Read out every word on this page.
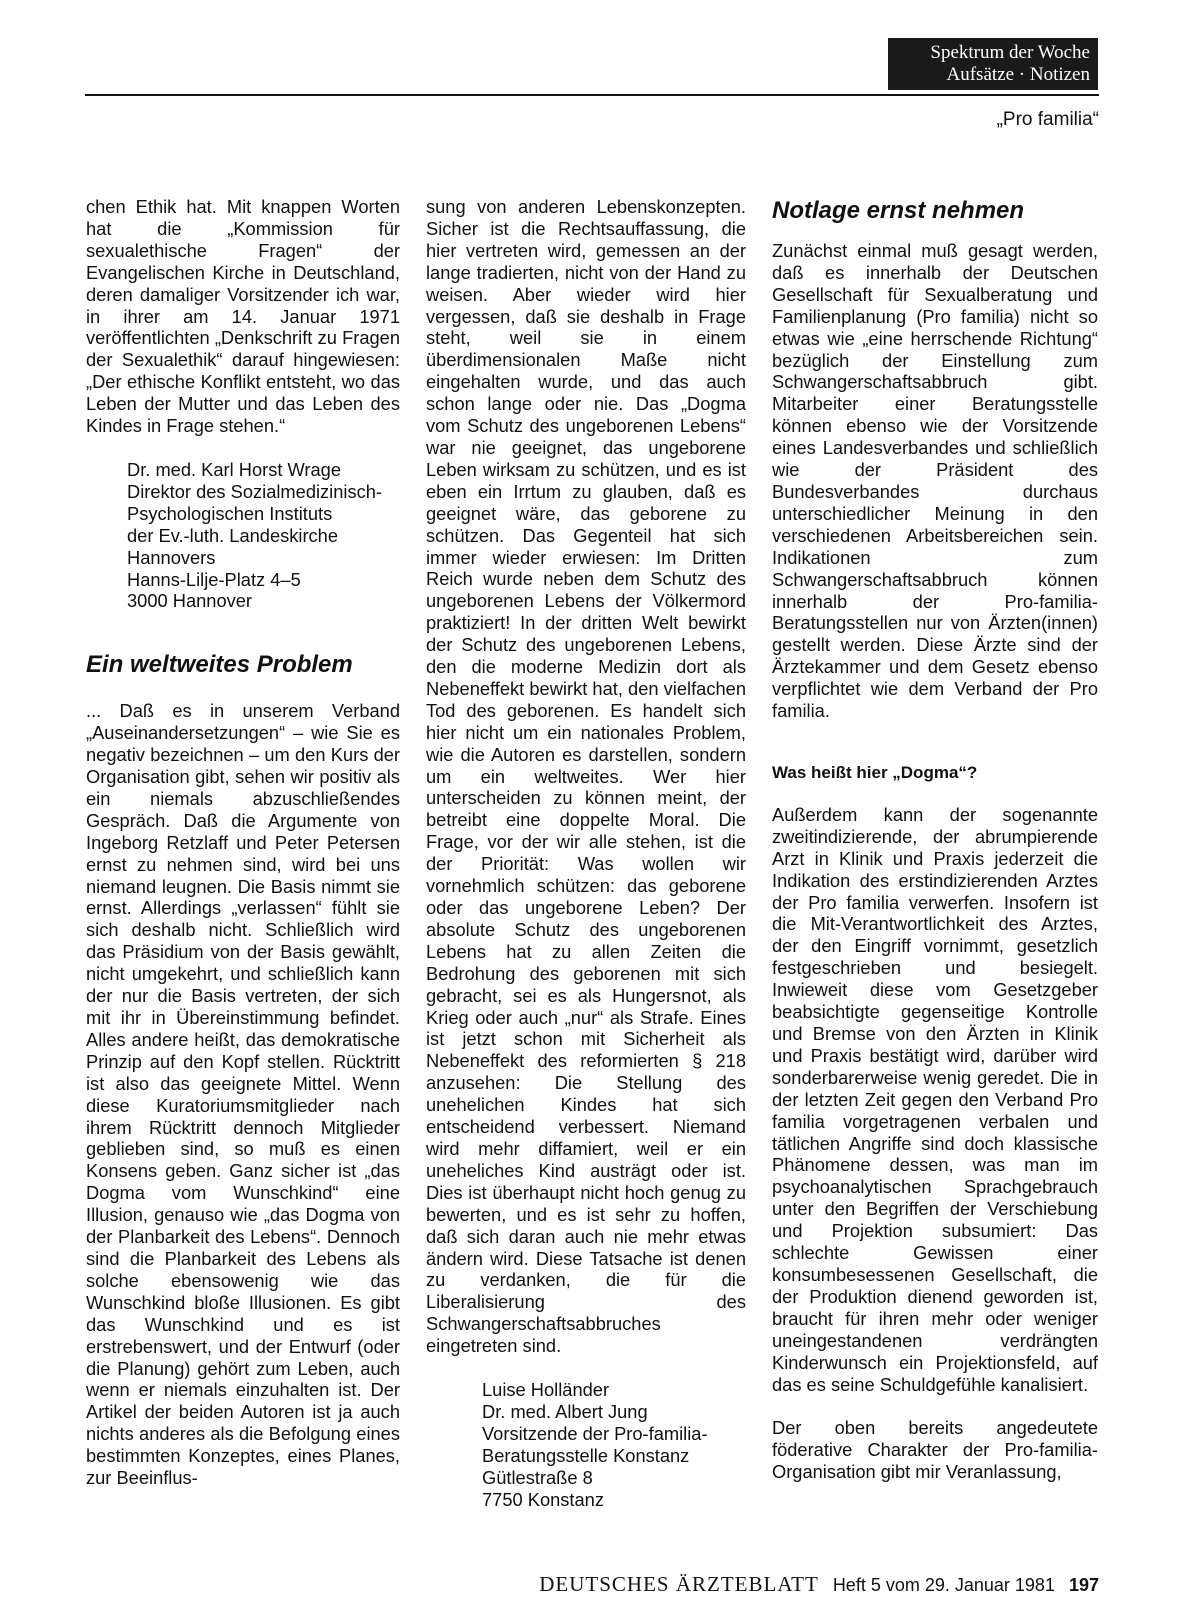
Spektrum der Woche
Aufsätze · Notizen
„Pro familia“

chen Ethik hat. Mit knappen Worten hat die „Kommission für sexualethische Fragen“ der Evangelischen Kirche in Deutschland, deren damaliger Vorsitzender ich war, in ihrer am 14. Januar 1971 veröffentlichten „Denkschrift zu Fragen der Sexualethik“ darauf hingewiesen: „Der ethische Konflikt entsteht, wo das Leben der Mutter und das Leben des Kindes in Frage stehen.“

Dr. med. Karl Horst Wrage
Direktor des Sozialmedizinisch-
Psychologischen Instituts
der Ev.-luth. Landeskirche
Hannovers
Hanns-Lilje-Platz 4–5
3000 Hannover
Ein weltweites Problem

... Daß es in unserem Verband „Auseinandersetzungen“ – wie Sie es negativ bezeichnen – um den Kurs der Organisation gibt, sehen wir positiv als ein niemals abzuschließendes Gespräch. Daß die Argumente von Ingeborg Retzlaff und Peter Petersen ernst zu nehmen sind, wird bei uns niemand leugnen. Die Basis nimmt sie ernst. Allerdings „verlassen“ fühlt sie sich deshalb nicht. Schließlich wird das Präsidium von der Basis gewählt, nicht umgekehrt, und schließlich kann der nur die Basis vertreten, der sich mit ihr in Übereinstimmung befindet. Alles andere heißt, das demokratische Prinzip auf den Kopf stellen. Rücktritt ist also das geeignete Mittel. Wenn diese Kuratoriumsmitglieder nach ihrem Rücktritt dennoch Mitglieder geblieben sind, so muß es einen Konsens geben. Ganz sicher ist „das Dogma vom Wunschkind“ eine Illusion, genauso wie „das Dogma von der Planbarkeit des Lebens“. Dennoch sind die Planbarkeit des Lebens als solche ebensowenig wie das Wunschkind bloße Illusionen. Es gibt das Wunschkind und es ist erstrebenswert, und der Entwurf (oder die Planung) gehört zum Leben, auch wenn er niemals einzuhalten ist. Der Artikel der beiden Autoren ist ja auch nichts anderes als die Befolgung eines bestimmten Konzeptes, eines Planes, zur Beeinflus-

sung von anderen Lebenskonzepten. Sicher ist die Rechtsauffassung, die hier vertreten wird, gemessen an der lange tradierten, nicht von der Hand zu weisen. Aber wieder wird hier vergessen, daß sie deshalb in Frage steht, weil sie in einem überdimensionalen Maße nicht eingehalten wurde, und das auch schon lange oder nie. Das „Dogma vom Schutz des ungeborenen Lebens“ war nie geeignet, das ungeborene Leben wirksam zu schützen, und es ist eben ein Irrtum zu glauben, daß es geeignet wäre, das geborene zu schützen. Das Gegenteil hat sich immer wieder erwiesen: Im Dritten Reich wurde neben dem Schutz des ungeborenen Lebens der Völkermord praktiziert! In der dritten Welt bewirkt der Schutz des ungeborenen Lebens, den die moderne Medizin dort als Nebeneffekt bewirkt hat, den vielfachen Tod des geborenen. Es handelt sich hier nicht um ein nationales Problem, wie die Autoren es darstellen, sondern um ein weltweites. Wer hier unterscheiden zu können meint, der betreibt eine doppelte Moral. Die Frage, vor der wir alle stehen, ist die der Priorität: Was wollen wir vornehmlich schützen: das geborene oder das ungeborene Leben? Der absolute Schutz des ungeborenen Lebens hat zu allen Zeiten die Bedrohung des geborenen mit sich gebracht, sei es als Hungersnot, als Krieg oder auch „nur“ als Strafe. Eines ist jetzt schon mit Sicherheit als Nebeneffekt des reformierten § 218 anzusehen: Die Stellung des unehelichen Kindes hat sich entscheidend verbessert. Niemand wird mehr diffamiert, weil er ein uneheliches Kind austrägt oder ist. Dies ist überhaupt nicht hoch genug zu bewerten, und es ist sehr zu hoffen, daß sich daran auch nie mehr etwas ändern wird. Diese Tatsache ist denen zu verdanken, die für die Liberalisierung des Schwangerschaftsabbruches eingetreten sind.

Luise Holländer
Dr. med. Albert Jung
Vorsitzende der Pro-familia-
Beratungsstelle Konstanz
Gütlestraße 8
7750 Konstanz
Notlage ernst nehmen

Zunächst einmal muß gesagt werden, daß es innerhalb der Deutschen Gesellschaft für Sexualberatung und Familienplanung (Pro familia) nicht so etwas wie „eine herrschende Richtung“ bezüglich der Einstellung zum Schwangerschaftsabbruch gibt. Mitarbeiter einer Beratungsstelle können ebenso wie der Vorsitzende eines Landesverbandes und schließlich wie der Präsident des Bundesverbandes durchaus unterschiedlicher Meinung in den verschiedenen Arbeitsbereichen sein. Indikationen zum Schwangerschaftsabbruch können innerhalb der Pro-familia-Beratungsstellen nur von Ärzten(innen) gestellt werden. Diese Ärzte sind der Ärztekammer und dem Gesetz ebenso verpflichtet wie dem Verband der Pro familia.

Was heißt hier „Dogma“?

Außerdem kann der sogenannte zweitindizierende, der abrumpierende Arzt in Klinik und Praxis jederzeit die Indikation des erstindizierenden Arztes der Pro familia verwerfen. Insofern ist die Mit-Verantwortlichkeit des Arztes, der den Eingriff vornimmt, gesetzlich festgeschrieben und besiegelt. Inwieweit diese vom Gesetzgeber beabsichtigte gegenseitige Kontrolle und Bremse von den Ärzten in Klinik und Praxis bestätigt wird, darüber wird sonderbarerweise wenig geredet. Die in der letzten Zeit gegen den Verband Pro familia vorgetragenen verbalen und tätlichen Angriffe sind doch klassische Phänomene dessen, was man im psychoanalytischen Sprachgebrauch unter den Begriffen der Verschiebung und Projektion subsumiert: Das schlechte Gewissen einer konsumbesessenen Gesellschaft, die der Produktion dienend geworden ist, braucht für ihren mehr oder weniger uneingestandenen verdrängten Kinderwunsch ein Projektionsfeld, auf das es seine Schuldgefühle kanalisiert.

Der oben bereits angedeutete föderative Charakter der Pro-familia-Organisation gibt mir Veranlassung,

DEUTSCHES ÄRZTEBLATT Heft 5 vom 29. Januar 1981 197
